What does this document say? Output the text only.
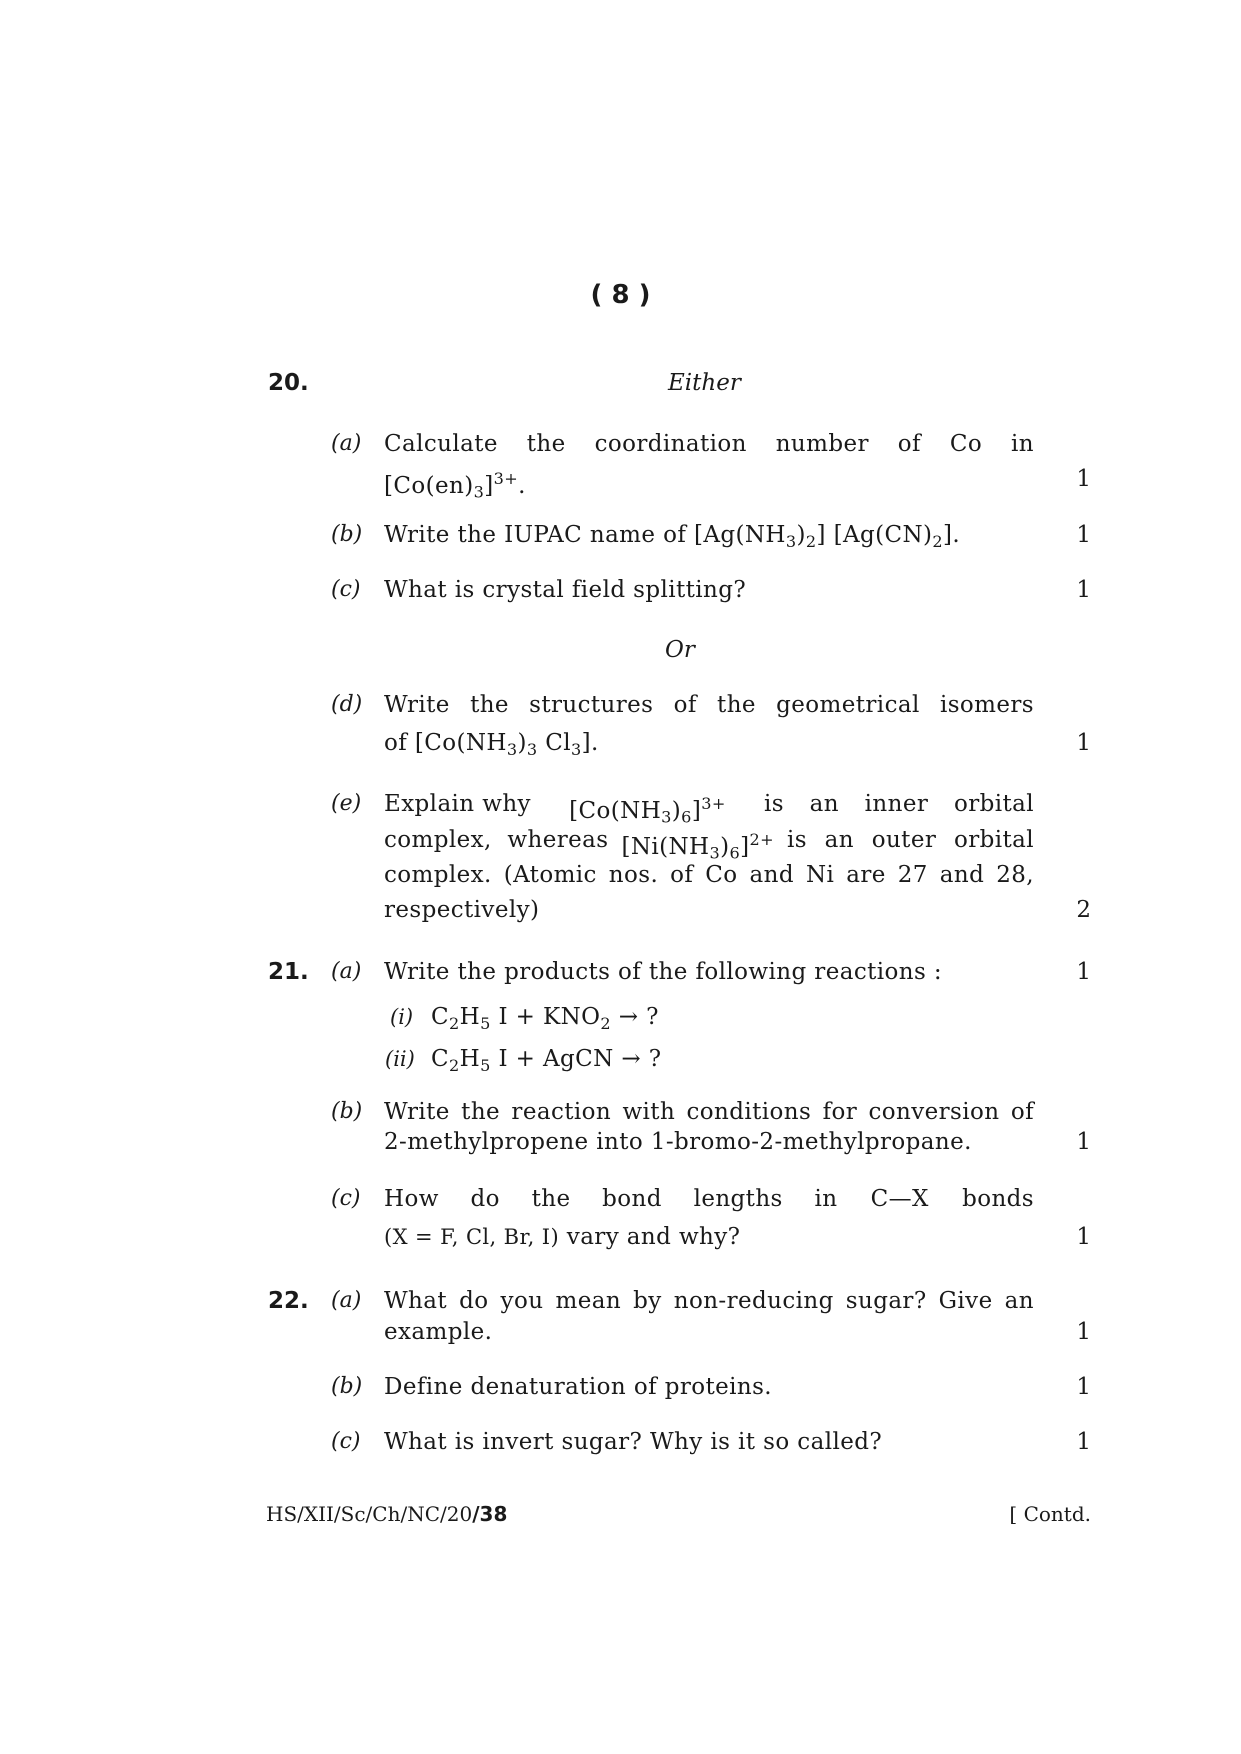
( 8 )
20.	Either
(a) Calculate the coordination number of Co in
$[Co(en)_3]^{3+}$.	1
(b) Write the IUPAC name of $[Ag(NH_3)_2]$ $[Ag(CN)_2]$.	1
(c)	What is crystal field splitting?	1
Or
(d) Write the structures of the geometrical isomers
of [$Co(NH_3)_3$ $Cl_3$].	1
(e) Explain why $[Co(NH_3)_6]^{3+}$ is an inner orbital
complex, whereas $[Ni(NH_3)_6]^{2+}$ is an outer orbital
complex. (Atomic nos. of Co and Ni are 27 and 28,
respectively)	2
21. (a) Write the products of the following reactions :	1
(i) $C_2H_5$ $I + KNO_2$ → ?
(ii) $C_2H_5$ I + AgCN → ?
(b) Write the reaction with conditions for conversion of
2-methylpropene into 1-bromo-2-methylpropane.	1
(c)	How do the bond lengths in C—X bonds
(X = F, Cl, Br, I) vary and why?	1
22. (a) What do you mean by non-reducing sugar? Give an
example.	1
(b) Define denaturation of proteins.	1
(c)	What is invert sugar? Why is it so called?	1
HS/XII/Sc/Ch/NC/20/38	[ Contd.
